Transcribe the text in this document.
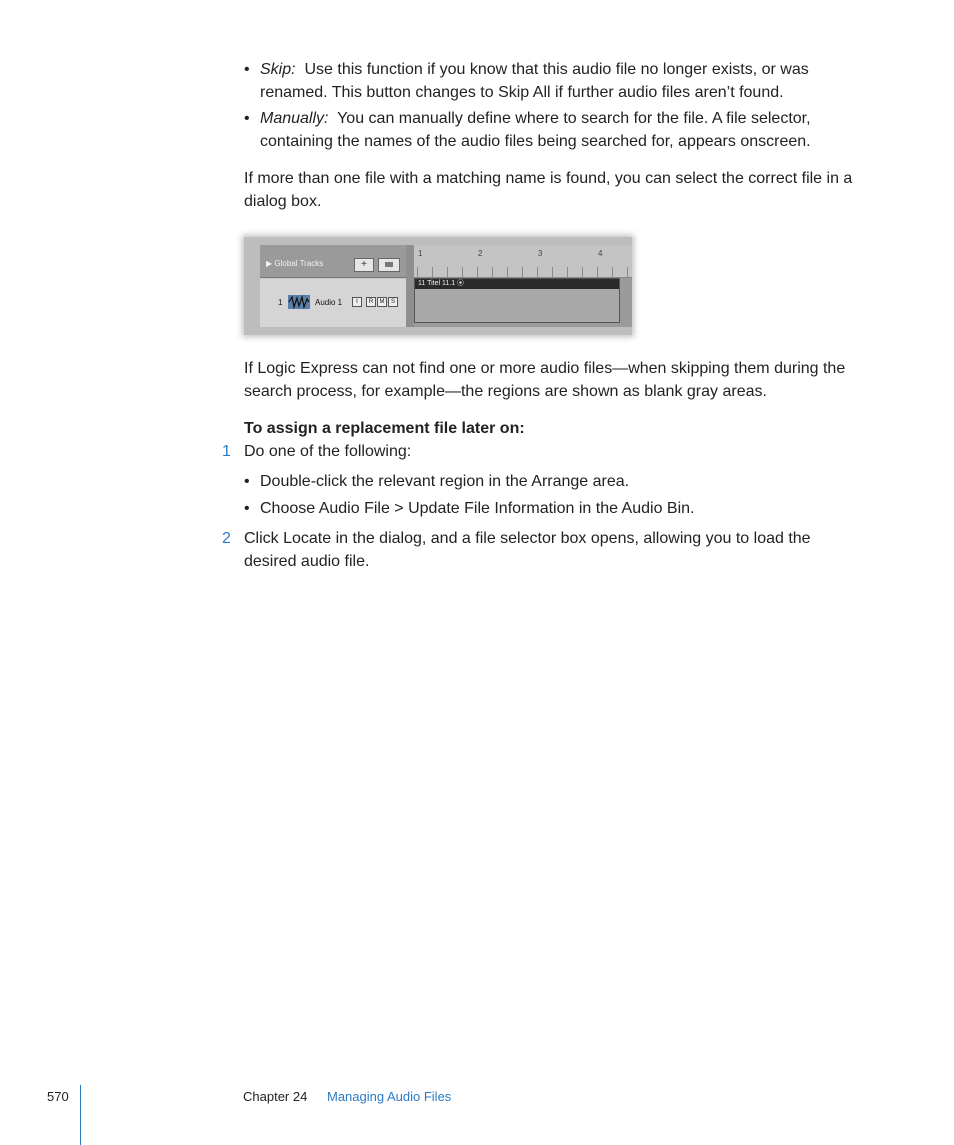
• Skip: Use this function if you know that this audio file no longer exists, or was renamed. This button changes to Skip All if further audio files aren’t found.
• Manually: You can manually define where to search for the file. A file selector, containing the names of the audio files being searched for, appears onscreen.
If more than one file with a matching name is found, you can select the correct file in a dialog box.
▶ Global Tracks	+
1	Audio 1	I	R	M	S
1	2	3	4
11 Titel 11.1 ⦿
If Logic Express can not find one or more audio files—when skipping them during the search process, for example—the regions are shown as blank gray areas.
To assign a replacement file later on:
1 Do one of the following:
• Double-click the relevant region in the Arrange area.
• Choose Audio File > Update File Information in the Audio Bin.
2 Click Locate in the dialog, and a file selector box opens, allowing you to load the desired audio file.
570	Chapter 24 Managing Audio Files
